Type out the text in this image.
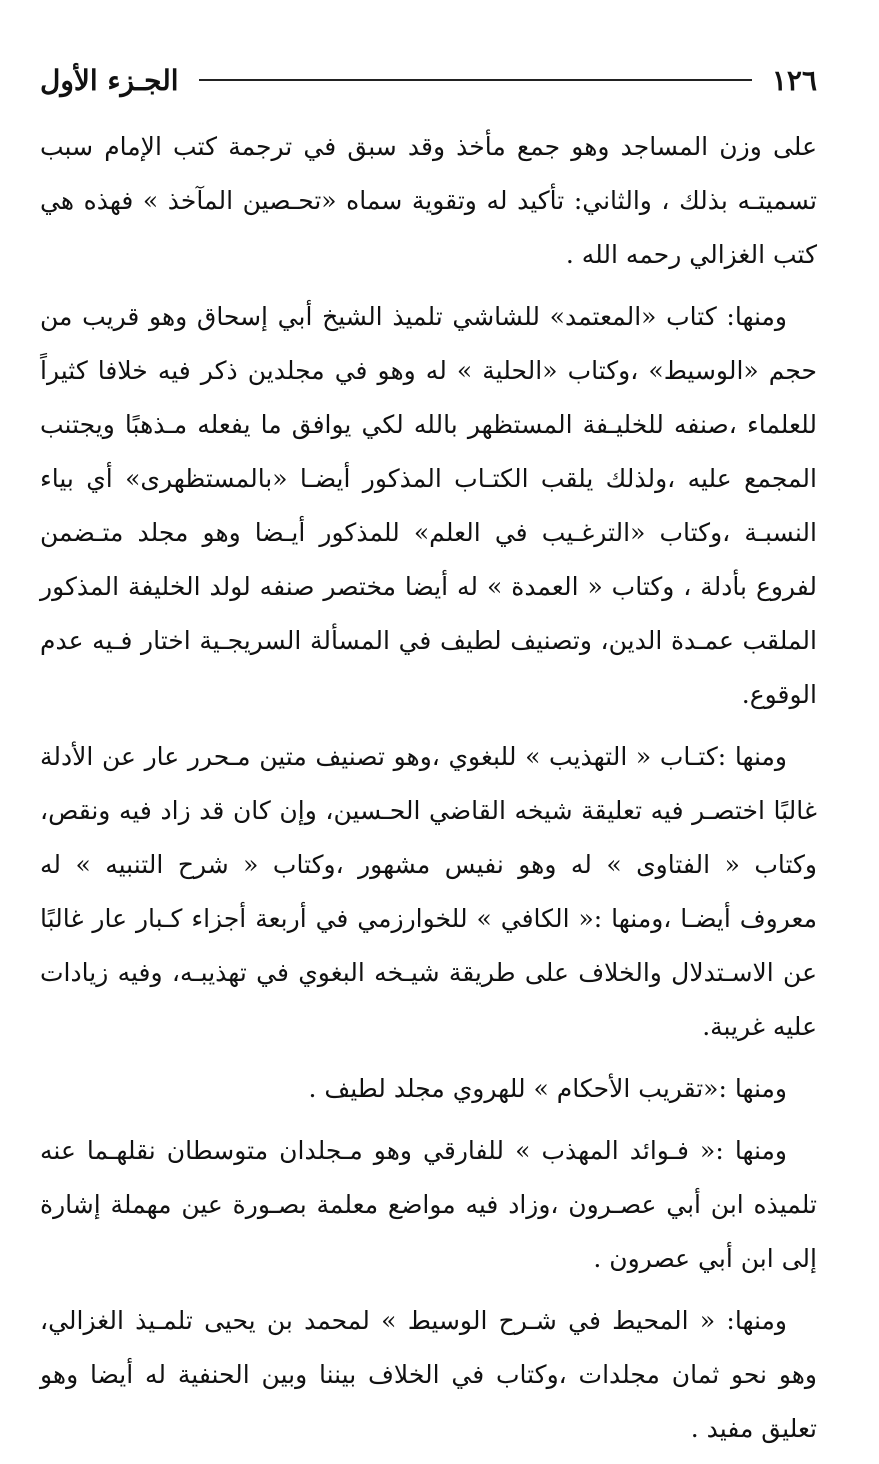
١٢٦
الجـزء الأول

على وزن المساجد وهو جمع مأخذ وقد سبق في ترجمة كتب الإمام سبب تسميتـه بذلك ، والثاني: تأكيد له وتقوية سماه «تحـصين المآخذ » فهذه هي كتب الغزالي رحمه الله .

ومنها: كتاب «المعتمد» للشاشي تلميذ الشيخ أبي إسحاق وهو قريب من حجم «الوسيط» ،وكتاب «الحلية » له وهو في مجلدين ذكر فيه خلافا كثيراً للعلماء ،صنفه للخليـفة المستظهر بالله لكي يوافق ما يفعله مـذهبًا ويجتنب المجمع عليه ،ولذلك يلقب الكتـاب المذكور أيضـا «بالمستظهرى» أي بياء النسبـة ،وكتاب «الترغـيب في العلم» للمذكور أيـضا وهو مجلد متـضمن لفروع بأدلة ، وكتاب « العمدة » له أيضا مختصر صنفه لولد الخليفة المذكور الملقب عمـدة الدين، وتصنيف لطيف في المسألة السريجـية اختار فـيه عدم الوقوع.

ومنها :كتـاب « التهذيب » للبغوي ،وهو تصنيف متين مـحرر عار عن الأدلة غالبًا اختصـر فيه تعليقة شيخه القاضي الحـسين، وإن كان قد زاد فيه ونقص، وكتاب « الفتاوى » له وهو نفيس مشهور ،وكتاب « شرح التنبيه » له معروف أيضـا ،ومنها :« الكافي » للخوارزمي في أربعة أجزاء كـبار عار غالبًا عن الاسـتدلال والخلاف على طريقة شيـخه البغوي في تهذيبـه، وفيه زيادات عليه غريبة.

ومنها :«تقريب الأحكام » للهروي مجلد لطيف .

ومنها :« فـوائد المهذب » للفارقي وهو مـجلدان متوسطان نقلهـما عنه تلميذه ابن أبي عصـرون ،وزاد فيه مواضع معلمة بصـورة عين مهملة إشارة إلى ابن أبي عصرون .

ومنها: « المحيط في شـرح الوسيط » لمحمد بن يحيى تلمـيذ الغزالي، وهو نحو ثمان مجلدات ،وكتاب في الخلاف بيننا وبين الحنفية له أيضا وهو تعليق مفيد .
